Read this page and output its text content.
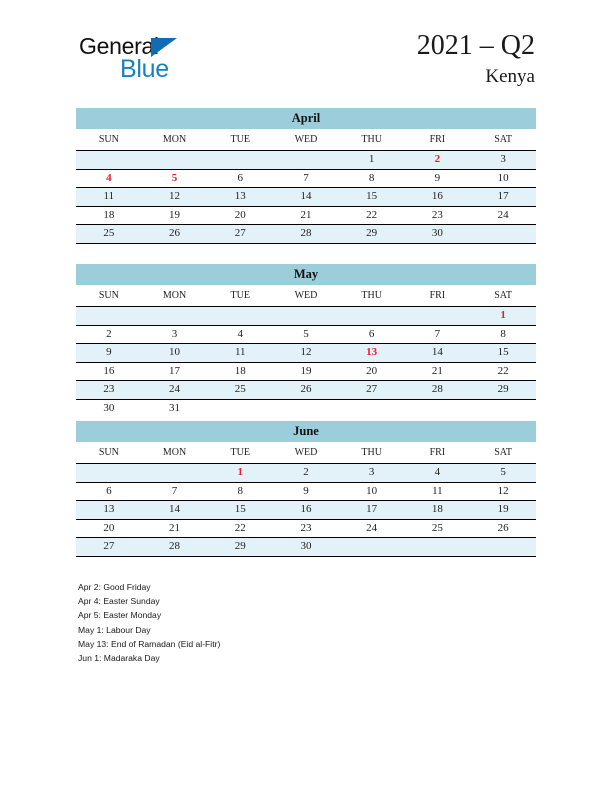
General
Blue
2021 – Q2
Kenya
April						
SUN	MON	TUE	WED	THU	FRI	SAT
				1	2	3
4	5	6	7	8	9	10
11	12	13	14	15	16	17
18	19	20	21	22	23	24
25	26	27	28	29	30	
May						
SUN	MON	TUE	WED	THU	FRI	SAT
						1
2	3	4	5	6	7	8
9	10	11	12	13	14	15
16	17	18	19	20	21	22
23	24	25	26	27	28	29
30	31					
June						
SUN	MON	TUE	WED	THU	FRI	SAT
		1	2	3	4	5
6	7	8	9	10	11	12
13	14	15	16	17	18	19
20	21	22	23	24	25	26
27	28	29	30			
Apr 2: Good Friday
Apr 4: Easter Sunday
Apr 5: Easter Monday
May 1: Labour Day
May 13: End of Ramadan (Eid al-Fitr)
Jun 1: Madaraka Day
